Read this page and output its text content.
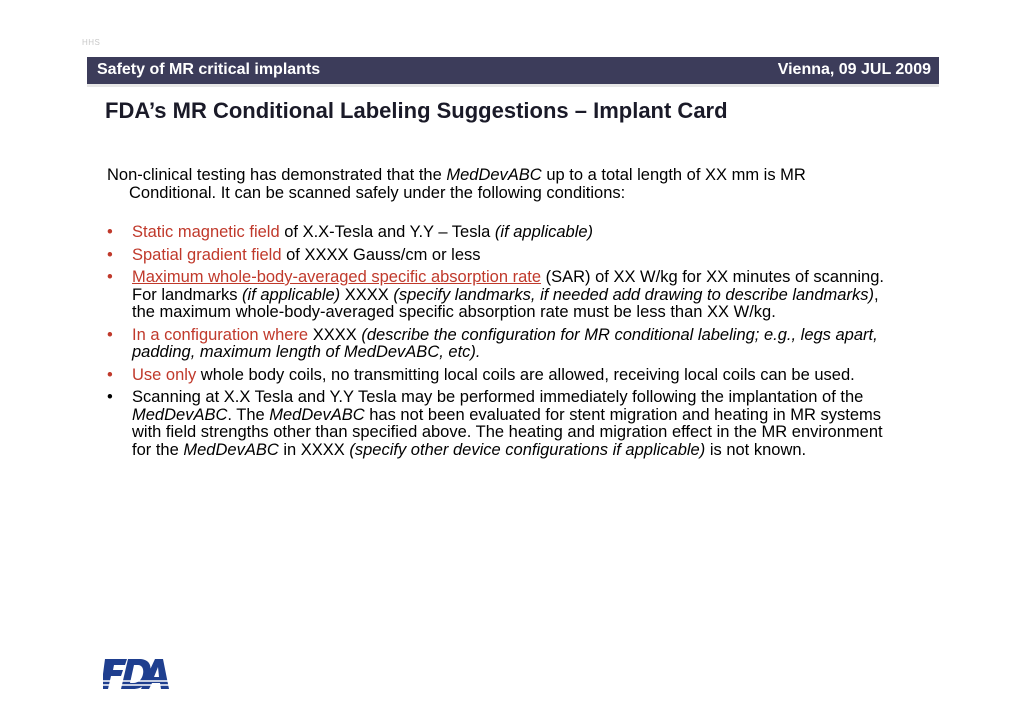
HHS
Safety of MR critical implants	Vienna, 09 JUL 2009
FDA’s MR Conditional Labeling Suggestions – Implant Card

Non-clinical testing has demonstrated that the MedDevABC up to a total length of XX mm is MR Conditional. It can be scanned safely under the following conditions:

• Static magnetic field of X.X-Tesla and Y.Y – Tesla (if applicable)
• Spatial gradient field of XXXX Gauss/cm or less
• Maximum whole-body-averaged specific absorption rate (SAR) of XX W/kg for XX minutes of scanning. For landmarks (if applicable) XXXX (specify landmarks, if needed add drawing to describe landmarks), the maximum whole-body-averaged specific absorption rate must be less than XX W/kg.
• In a configuration where XXXX (describe the configuration for MR conditional labeling; e.g., legs apart, padding, maximum length of MedDevABC, etc).
• Use only whole body coils, no transmitting local coils are allowed, receiving local coils can be used.
• Scanning at X.X Tesla and Y.Y Tesla may be performed immediately following the implantation of the MedDevABC. The MedDevABC has not been evaluated for stent migration and heating in MR systems with field strengths other than specified above. The heating and migration effect in the MR environment for the MedDevABC in XXXX (specify other device configurations if applicable) is not known.
